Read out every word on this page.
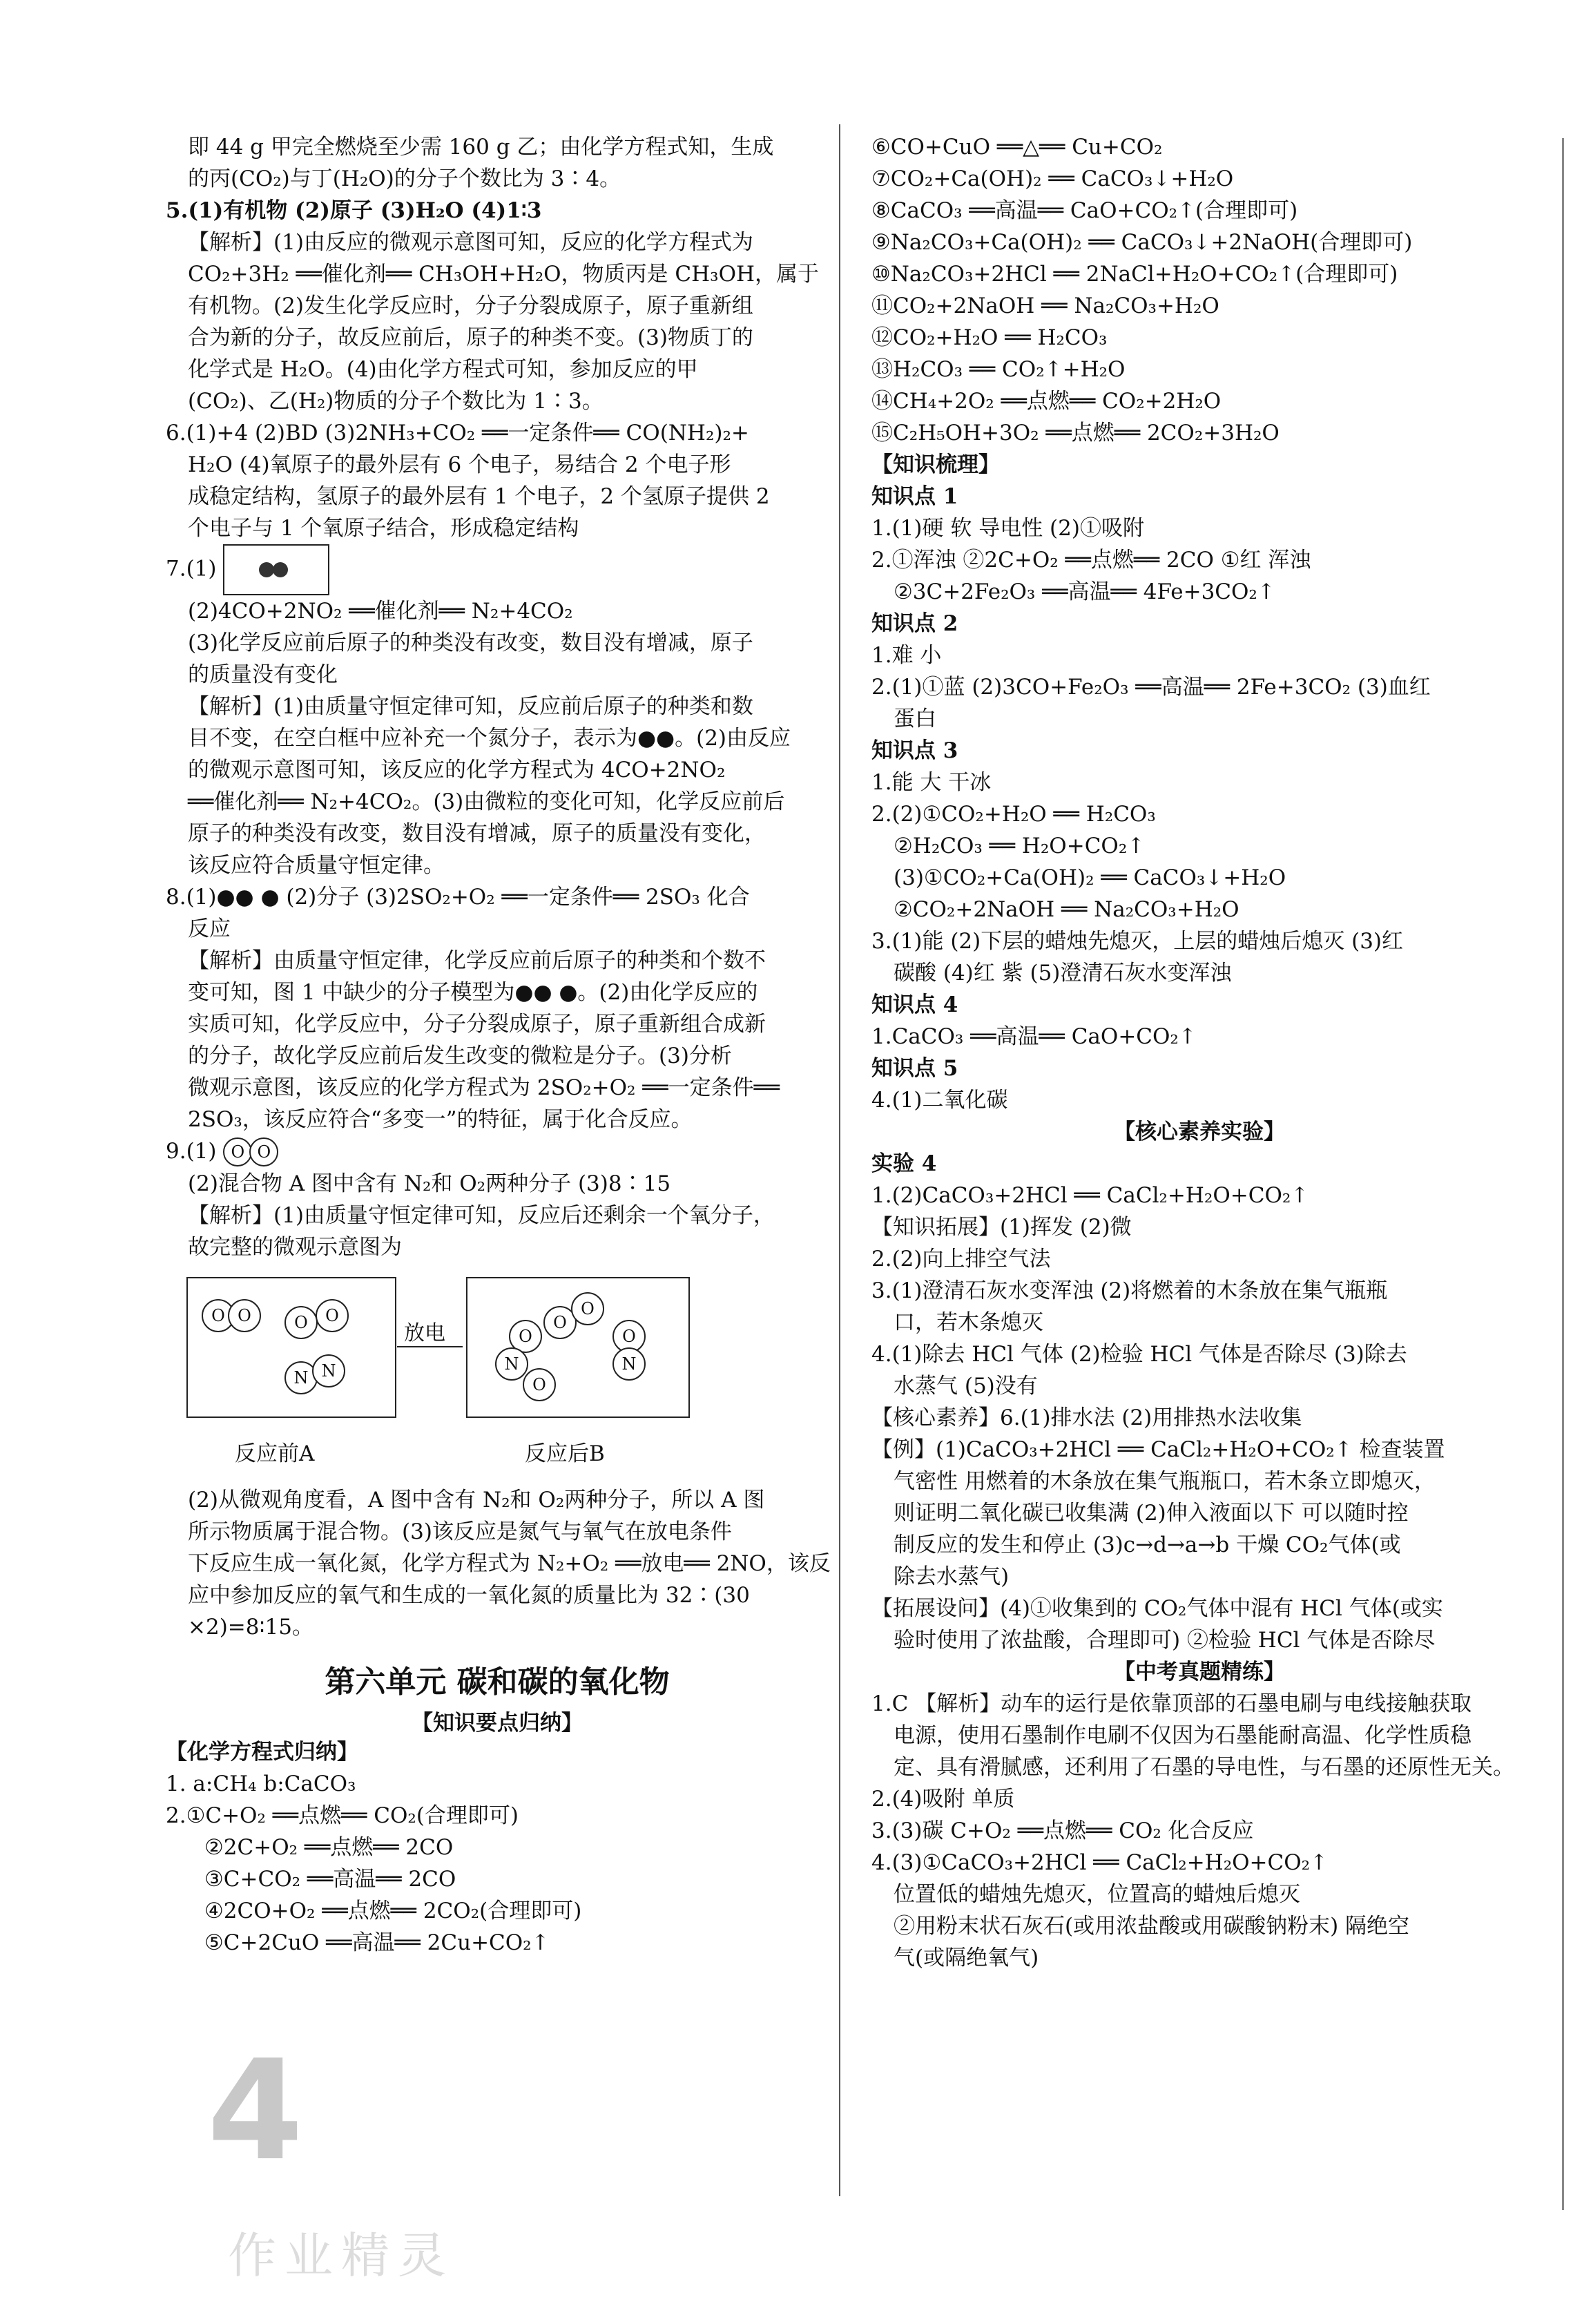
即 44 g 甲完全燃烧至少需 160 g 乙；由化学方程式知，生成

的丙(CO₂)与丁(H₂O)的分子个数比为 3∶4。

5.(1)有机物 (2)原子 (3)H₂O (4)1∶3

【解析】(1)由反应的微观示意图可知，反应的化学方程式为

CO₂+3H₂ ══催化剂══ CH₃OH+H₂O，物质丙是 CH₃OH，属于

有机物。(2)发生化学反应时，分子分裂成原子，原子重新组

合为新的分子，故反应前后，原子的种类不变。(3)物质丁的

化学式是 H₂O。(4)由化学方程式可知，参加反应的甲

(CO₂)、乙(H₂)物质的分子个数比为 1∶3。

6.(1)+4 (2)BD (3)2NH₃+CO₂ ══一定条件══ CO(NH₂)₂+

H₂O (4)氧原子的最外层有 6 个电子，易结合 2 个电子形

成稳定结构，氢原子的最外层有 1 个电子，2 个氢原子提供 2

个电子与 1 个氧原子结合，形成稳定结构

7.(1)

(2)4CO+2NO₂ ══催化剂══ N₂+4CO₂

(3)化学反应前后原子的种类没有改变，数目没有增减，原子

的质量没有变化

【解析】(1)由质量守恒定律可知，反应前后原子的种类和数

目不变，在空白框中应补充一个氮分子，表示为●●。(2)由反应

的微观示意图可知，该反应的化学方程式为 4CO+2NO₂

══催化剂══ N₂+4CO₂。(3)由微粒的变化可知，化学反应前后

原子的种类没有改变，数目没有增减，原子的质量没有变化，

该反应符合质量守恒定律。

8.(1)●● ● (2)分子 (3)2SO₂+O₂ ══一定条件══ 2SO₃ 化合

反应

【解析】由质量守恒定律，化学反应前后原子的种类和个数不

变可知，图 1 中缺少的分子模型为●● ●。(2)由化学反应的

实质可知，化学反应中，分子分裂成原子，原子重新组合成新

的分子，故化学反应前后发生改变的微粒是分子。(3)分析

微观示意图，该反应的化学方程式为 2SO₂+O₂ ══一定条件══

2SO₃，该反应符合“多变一”的特征，属于化合反应。

9.(1) O O

(2)混合物 A 图中含有 N₂和 O₂两种分子 (3)8∶15

【解析】(1)由质量守恒定律可知，反应后还剩余一个氧分子，

故完整的微观示意图为

O O	O	O
N N
放电	O
O
O
N
O
O
N
反应前A	反应后B

(2)从微观角度看，A 图中含有 N₂和 O₂两种分子，所以 A 图

所示物质属于混合物。(3)该反应是氮气与氧气在放电条件

下反应生成一氧化氮，化学方程式为 N₂+O₂ ══放电══ 2NO，该反

应中参加反应的氧气和生成的一氧化氮的质量比为 32∶(30

×2)=8∶15。

第六单元 碳和碳的氧化物
【知识要点归纳】

【化学方程式归纳】

1. a:CH₄ b:CaCO₃

2.①C+O₂ ══点燃══ CO₂(合理即可)

②2C+O₂ ══点燃══ 2CO

③C+CO₂ ══高温══ 2CO

④2CO+O₂ ══点燃══ 2CO₂(合理即可)

⑤C+2CuO ══高温══ 2Cu+CO₂↑

⑥CO+CuO ══△══ Cu+CO₂

⑦CO₂+Ca(OH)₂ ══ CaCO₃↓+H₂O

⑧CaCO₃ ══高温══ CaO+CO₂↑(合理即可)

⑨Na₂CO₃+Ca(OH)₂ ══ CaCO₃↓+2NaOH(合理即可)

⑩Na₂CO₃+2HCl ══ 2NaCl+H₂O+CO₂↑(合理即可)

⑪CO₂+2NaOH ══ Na₂CO₃+H₂O

⑫CO₂+H₂O ══ H₂CO₃

⑬H₂CO₃ ══ CO₂↑+H₂O

⑭CH₄+2O₂ ══点燃══ CO₂+2H₂O

⑮C₂H₅OH+3O₂ ══点燃══ 2CO₂+3H₂O

【知识梳理】

知识点 1

1.(1)硬 软 导电性 (2)①吸附

2.①浑浊 ②2C+O₂ ══点燃══ 2CO ①红 浑浊

②3C+2Fe₂O₃ ══高温══ 4Fe+3CO₂↑

知识点 2

1.难 小

2.(1)①蓝 (2)3CO+Fe₂O₃ ══高温══ 2Fe+3CO₂ (3)血红

蛋白

知识点 3

1.能 大 干冰

2.(2)①CO₂+H₂O ══ H₂CO₃

②H₂CO₃ ══ H₂O+CO₂↑

(3)①CO₂+Ca(OH)₂ ══ CaCO₃↓+H₂O

②CO₂+2NaOH ══ Na₂CO₃+H₂O

3.(1)能 (2)下层的蜡烛先熄灭，上层的蜡烛后熄灭 (3)红

碳酸 (4)红 紫 (5)澄清石灰水变浑浊

知识点 4

1.CaCO₃ ══高温══ CaO+CO₂↑

知识点 5

4.(1)二氧化碳

【核心素养实验】

实验 4

1.(2)CaCO₃+2HCl ══ CaCl₂+H₂O+CO₂↑

【知识拓展】(1)挥发 (2)微

2.(2)向上排空气法

3.(1)澄清石灰水变浑浊 (2)将燃着的木条放在集气瓶瓶

口，若木条熄灭

4.(1)除去 HCl 气体 (2)检验 HCl 气体是否除尽 (3)除去

水蒸气 (5)没有

【核心素养】6.(1)排水法 (2)用排热水法收集

【例】(1)CaCO₃+2HCl ══ CaCl₂+H₂O+CO₂↑ 检查装置

气密性 用燃着的木条放在集气瓶瓶口，若木条立即熄灭，

则证明二氧化碳已收集满 (2)伸入液面以下 可以随时控

制反应的发生和停止 (3)c→d→a→b 干燥 CO₂气体(或

除去水蒸气)

【拓展设问】(4)①收集到的 CO₂气体中混有 HCl 气体(或实

验时使用了浓盐酸，合理即可) ②检验 HCl 气体是否除尽

【中考真题精练】

1.C 【解析】动车的运行是依靠顶部的石墨电刷与电线接触获取

电源，使用石墨制作电刷不仅因为石墨能耐高温、化学性质稳

定、具有滑腻感，还利用了石墨的导电性，与石墨的还原性无关。

2.(4)吸附 单质

3.(3)碳 C+O₂ ══点燃══ CO₂ 化合反应

4.(3)①CaCO₃+2HCl ══ CaCl₂+H₂O+CO₂↑

位置低的蜡烛先熄灭，位置高的蜡烛后熄灭

②用粉末状石灰石(或用浓盐酸或用碳酸钠粉末) 隔绝空

气(或隔绝氧气)

4
作业精灵
